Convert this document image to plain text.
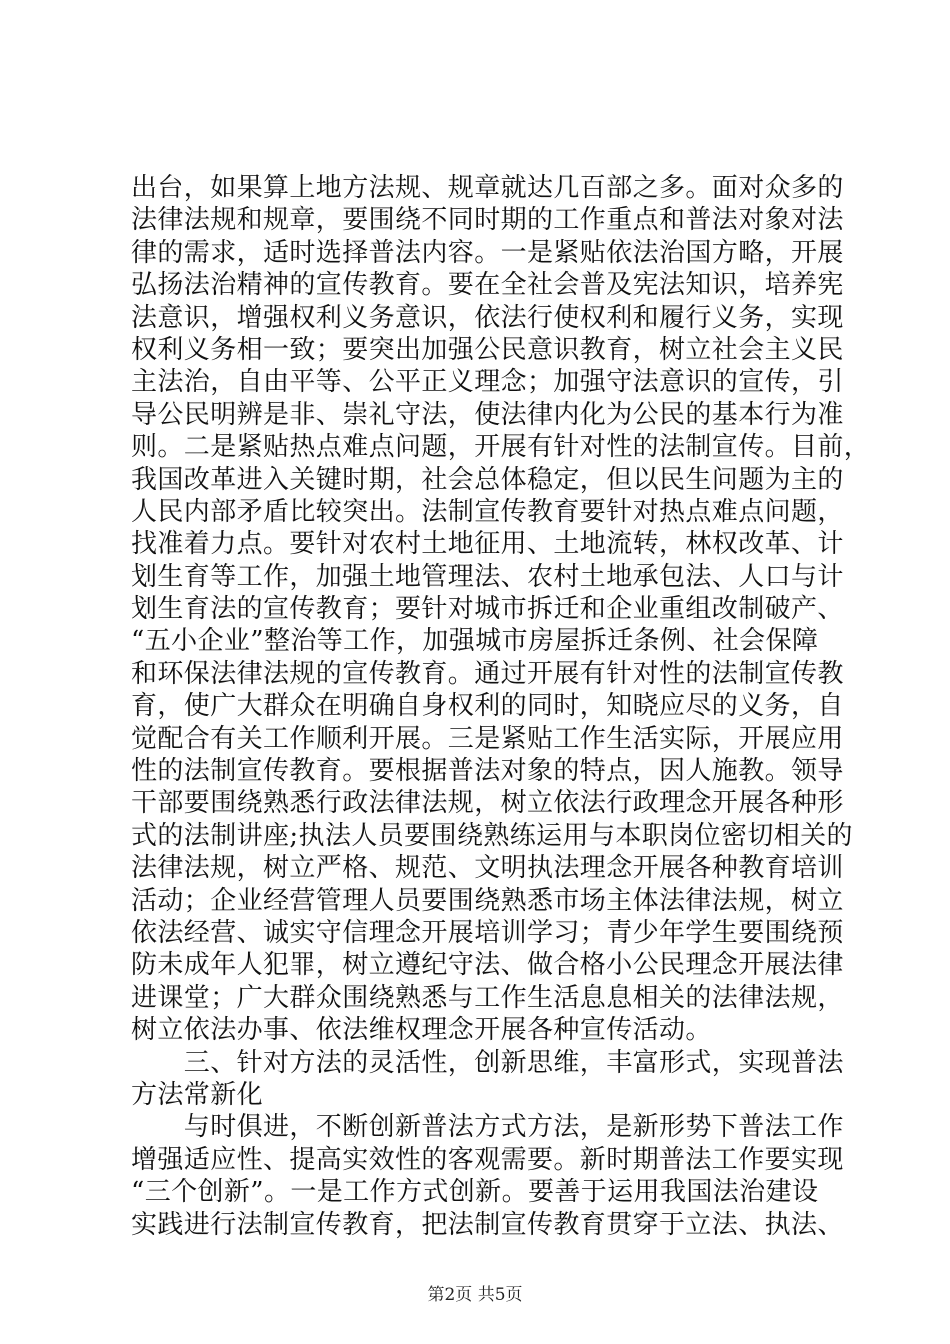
出台，如果算上地方法规、规章就达几百部之多。面对众多的
法律法规和规章，要围绕不同时期的工作重点和普法对象对法
律的需求，适时选择普法内容。一是紧贴依法治国方略，开展
弘扬法治精神的宣传教育。要在全社会普及宪法知识，培养宪
法意识，增强权利义务意识，依法行使权利和履行义务，实现
权利义务相一致；要突出加强公民意识教育，树立社会主义民
主法治，自由平等、公平正义理念；加强守法意识的宣传，引
导公民明辨是非、崇礼守法，使法律内化为公民的基本行为准
则。二是紧贴热点难点问题，开展有针对性的法制宣传。目前，
我国改革进入关键时期，社会总体稳定，但以民生问题为主的
人民内部矛盾比较突出。法制宣传教育要针对热点难点问题，
找准着力点。要针对农村土地征用、土地流转，林权改革、计
划生育等工作，加强土地管理法、农村土地承包法、人口与计
划生育法的宣传教育；要针对城市拆迁和企业重组改制破产、
“五小企业”整治等工作，加强城市房屋拆迁条例、社会保障
和环保法律法规的宣传教育。通过开展有针对性的法制宣传教
育，使广大群众在明确自身权利的同时，知晓应尽的义务，自
觉配合有关工作顺利开展。三是紧贴工作生活实际，开展应用
性的法制宣传教育。要根据普法对象的特点，因人施教。领导
干部要围绕熟悉行政法律法规，树立依法行政理念开展各种形
式的法制讲座;执法人员要围绕熟练运用与本职岗位密切相关的
法律法规，树立严格、规范、文明执法理念开展各种教育培训
活动；企业经营管理人员要围绕熟悉市场主体法律法规，树立
依法经营、诚实守信理念开展培训学习；青少年学生要围绕预
防未成年人犯罪，树立遵纪守法、做合格小公民理念开展法律
进课堂；广大群众围绕熟悉与工作生活息息相关的法律法规，
树立依法办事、依法维权理念开展各种宣传活动。
　　三、针对方法的灵活性，创新思维，丰富形式，实现普法
方法常新化
　　与时俱进，不断创新普法方式方法，是新形势下普法工作
增强适应性、提高实效性的客观需要。新时期普法工作要实现
“三个创新”。一是工作方式创新。要善于运用我国法治建设
实践进行法制宣传教育，把法制宣传教育贯穿于立法、执法、
第2页 共5页
